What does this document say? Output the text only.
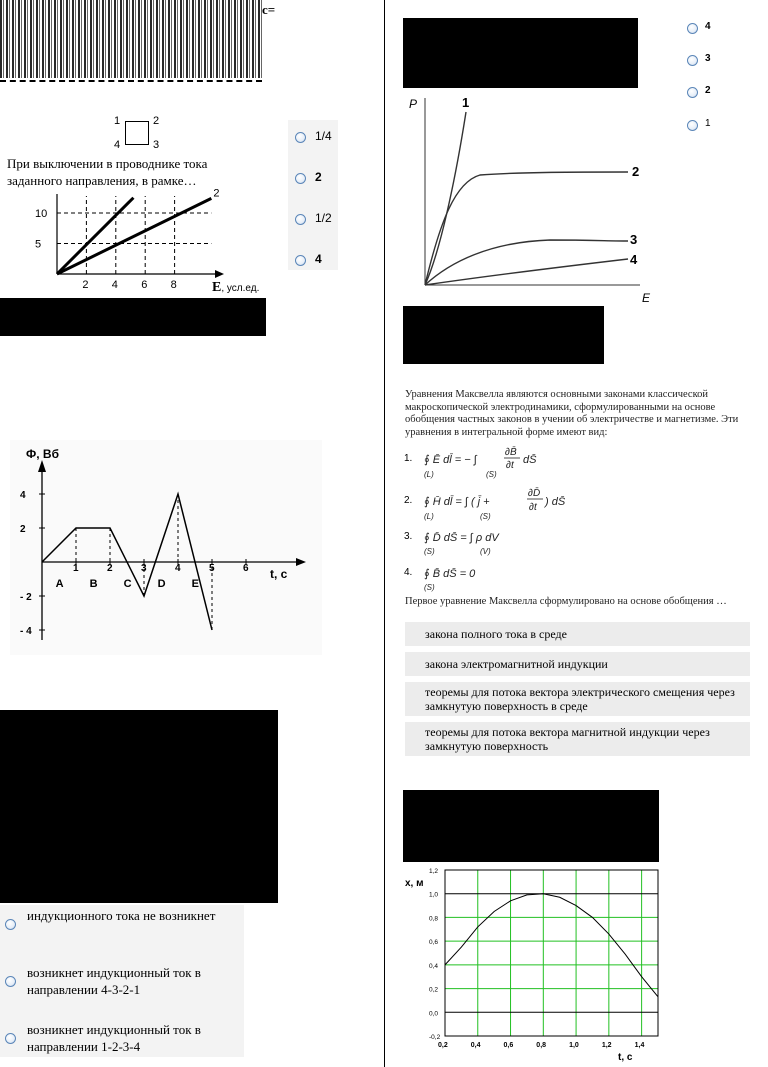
с=
1	2
4	3
При выключении в проводнике тока заданного направления, в рамке…
2 4 6 8
5
10
2
E, усл.ед.
1/4
2
1/2
4
Ф, Вб
t, с
1	2	3	4	5	6
4
2
- 2
- 4
A B C D E
индукционного тока не возникнет
возникнет индукционный ток в направлении 4-3-2-1
возникнет индукционный ток в направлении 1-2-3-4
4
3
2
1
P
E
1
2
3
4
Уравнения Максвелла являются основными законами классической макроскопической электродинамики, сформулированными на основе обобщения частных законов в учении об электричестве и магнетизме. Эти уравнения в интегральной форме имеют вид:
1.
2.
3.
4.
∮ Ē dl̄ = − ∫
∂B̄
∂t dS̄
(L)	(S)
∮ H̄ dl̄ = ∫ ( j̄ +
∂D̄
∂t ) dS̄
(L)	(S)
∮ D̄ dS̄ = ∫ ρ dV
(S)	(V)
∮ B̄ dS̄ = 0
(S)
Первое уравнение Максвелла сформулировано на основе обобщения …
закона полного тока в среде
закона электромагнитной индукции
теоремы для потока вектора электрического смещения через замкнутую поверхность в среде
теоремы для потока вектора магнитной индукции через замкнутую поверхность
0,2	0,4	0,6	0,8	1,0	1,2	1,4
1,2
1,0
0,8
0,6
0,4
0,2
0,0
-0,2
x, м
t, с
